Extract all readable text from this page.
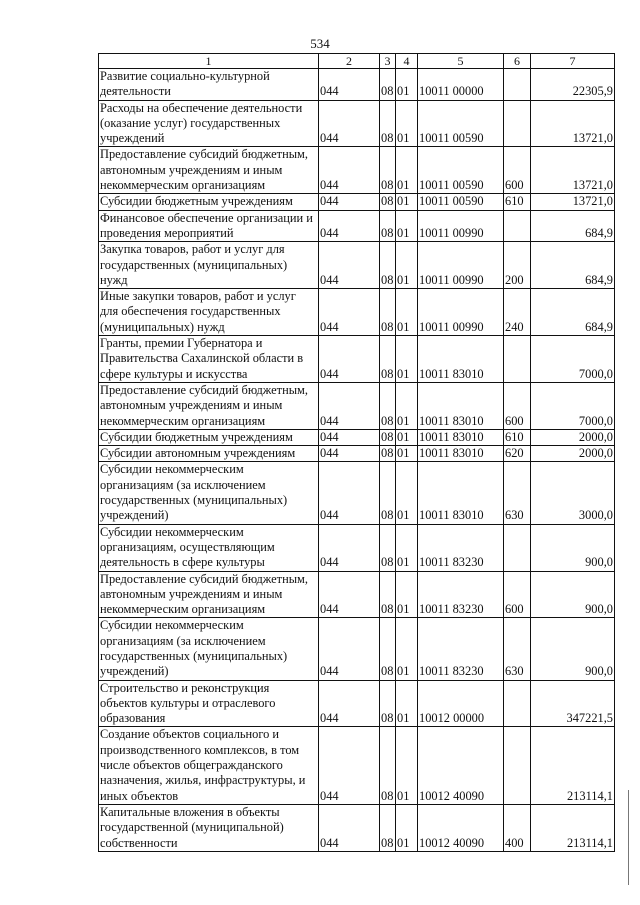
534
1	2	3	4	5	6	7
Развитие социально-культурной деятельности	044	08	01	10011 00000		22305,9
Расходы на обеспечение деятельности (оказание услуг) государственных учреждений	044	08	01	10011 00590		13721,0
Предоставление субсидий бюджетным, автономным учреждениям и иным некоммерческим организациям	044	08	01	10011 00590	600	13721,0
Субсидии бюджетным учреждениям	044	08	01	10011 00590	610	13721,0
Финансовое обеспечение организации и проведения мероприятий	044	08	01	10011 00990		684,9
Закупка товаров, работ и услуг для государственных (муниципальных) нужд	044	08	01	10011 00990	200	684,9
Иные закупки товаров, работ и услуг для обеспечения государственных (муниципальных) нужд	044	08	01	10011 00990	240	684,9
Гранты, премии Губернатора и Правительства Сахалинской области в сфере культуры и искусства	044	08	01	10011 83010		7000,0
Предоставление субсидий бюджетным, автономным учреждениям и иным некоммерческим организациям	044	08	01	10011 83010	600	7000,0
Субсидии бюджетным учреждениям	044	08	01	10011 83010	610	2000,0
Субсидии автономным учреждениям	044	08	01	10011 83010	620	2000,0
Субсидии некоммерческим организациям (за исключением государственных (муниципальных) учреждений)	044	08	01	10011 83010	630	3000,0
Субсидии некоммерческим организациям, осуществляющим деятельность в сфере культуры	044	08	01	10011 83230		900,0
Предоставление субсидий бюджетным, автономным учреждениям и иным некоммерческим организациям	044	08	01	10011 83230	600	900,0
Субсидии некоммерческим организациям (за исключением государственных (муниципальных) учреждений)	044	08	01	10011 83230	630	900,0
Строительство и реконструкция объектов культуры и отраслевого образования	044	08	01	10012 00000		347221,5
Создание объектов социального и производственного комплексов, в том числе объектов общегражданского назначения, жилья, инфраструктуры, и иных объектов	044	08	01	10012 40090		213114,1
Капитальные вложения в объекты государственной (муниципальной) собственности	044	08	01	10012 40090	400	213114,1
